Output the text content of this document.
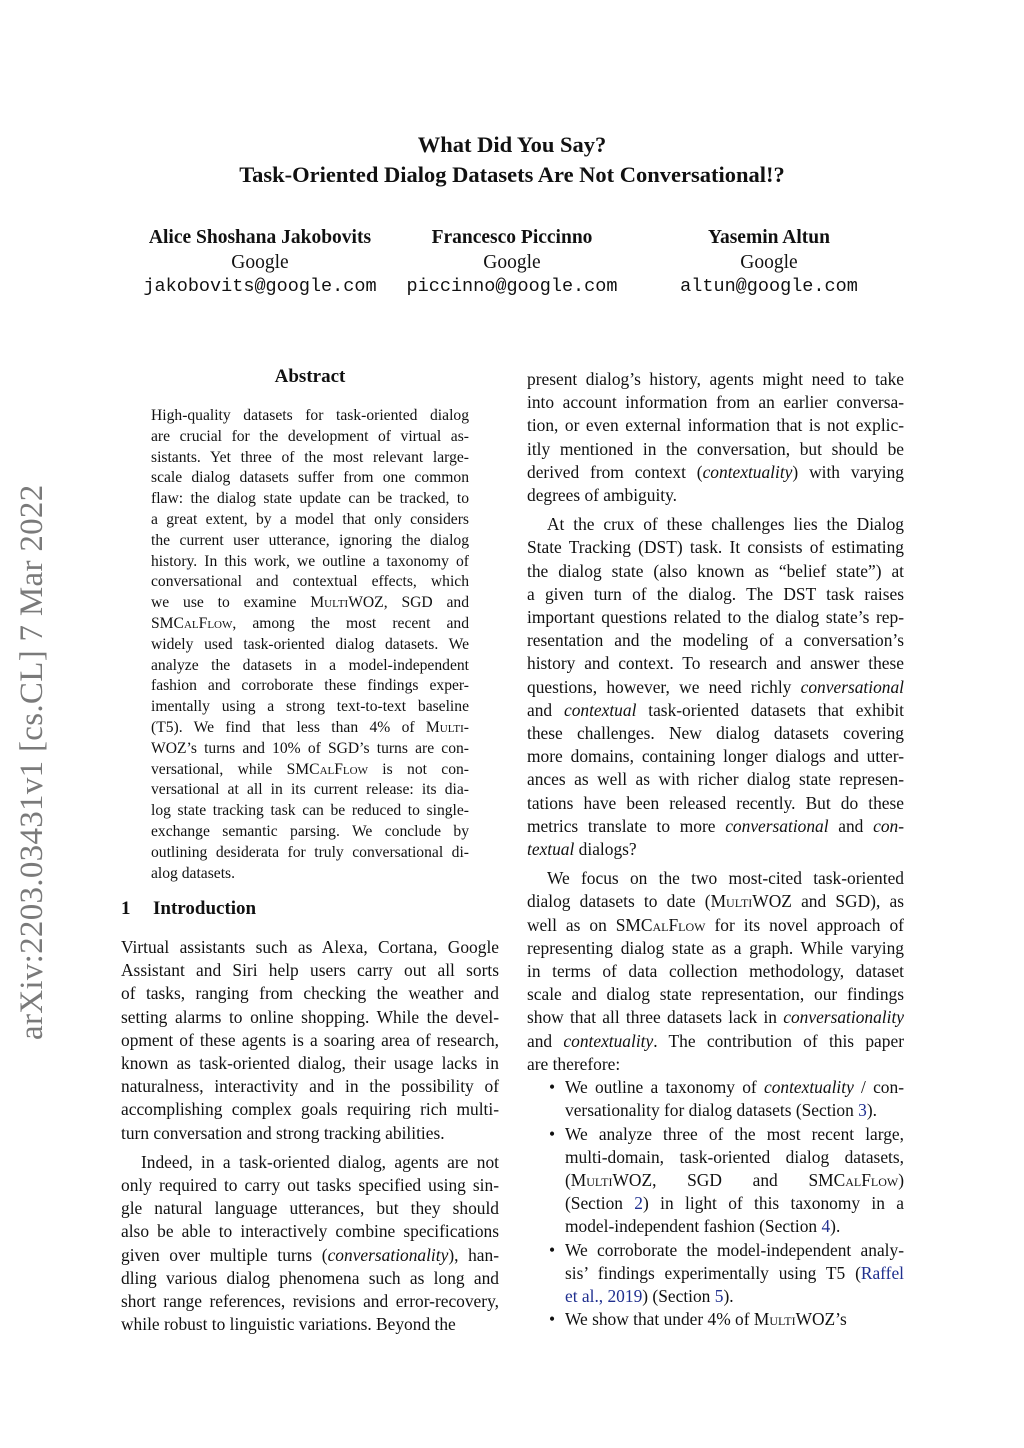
What Did You Say?
Task-Oriented Dialog Datasets Are Not Conversational!?
Alice Shoshana Jakobovits
Google
jakobovits@google.com
Francesco Piccinno
Google
piccinno@google.com
Yasemin Altun
Google
altun@google.com
arXiv:2203.03431v1 [cs.CL] 7 Mar 2022
Abstract
High-quality datasets for task-oriented dialog
are crucial for the development of virtual as-
sistants. Yet three of the most relevant large-
scale dialog datasets suffer from one common
flaw: the dialog state update can be tracked, to
a great extent, by a model that only considers
the current user utterance, ignoring the dialog
history. In this work, we outline a taxonomy of
conversational and contextual effects, which
we use to examine MultiWOZ, SGD and
SMCalFlow, among the most recent and
widely used task-oriented dialog datasets. We
analyze the datasets in a model-independent
fashion and corroborate these findings exper-
imentally using a strong text-to-text baseline
(T5). We find that less than 4% of Multi-
WOZ’s turns and 10% of SGD’s turns are con-
versational, while SMCalFlow is not con-
versational at all in its current release: its dia-
log state tracking task can be reduced to single-
exchange semantic parsing. We conclude by
outlining desiderata for truly conversational di-
alog datasets.
1 Introduction
Virtual assistants such as Alexa, Cortana, Google
Assistant and Siri help users carry out all sorts
of tasks, ranging from checking the weather and
setting alarms to online shopping. While the devel-
opment of these agents is a soaring area of research,
known as task-oriented dialog, their usage lacks in
naturalness, interactivity and in the possibility of
accomplishing complex goals requiring rich multi-
turn conversation and strong tracking abilities.
Indeed, in a task-oriented dialog, agents are not
only required to carry out tasks specified using sin-
gle natural language utterances, but they should
also be able to interactively combine specifications
given over multiple turns (conversationality), han-
dling various dialog phenomena such as long and
short range references, revisions and error-recovery,
while robust to linguistic variations. Beyond the
present dialog’s history, agents might need to take
into account information from an earlier conversa-
tion, or even external information that is not explic-
itly mentioned in the conversation, but should be
derived from context (contextuality) with varying
degrees of ambiguity.
At the crux of these challenges lies the Dialog
State Tracking (DST) task. It consists of estimating
the dialog state (also known as “belief state”) at
a given turn of the dialog. The DST task raises
important questions related to the dialog state’s rep-
resentation and the modeling of a conversation’s
history and context. To research and answer these
questions, however, we need richly conversational
and contextual task-oriented datasets that exhibit
these challenges. New dialog datasets covering
more domains, containing longer dialogs and utter-
ances as well as with richer dialog state represen-
tations have been released recently. But do these
metrics translate to more conversational and con-
textual dialogs?
We focus on the two most-cited task-oriented
dialog datasets to date (MultiWOZ and SGD), as
well as on SMCalFlow for its novel approach of
representing dialog state as a graph. While varying
in terms of data collection methodology, dataset
scale and dialog state representation, our findings
show that all three datasets lack in conversationality
and contextuality. The contribution of this paper
are therefore:
• We outline a taxonomy of contextuality / con-
versationality for dialog datasets (Section 3).
• We analyze three of the most recent large,
multi-domain, task-oriented dialog datasets,
(MultiWOZ, SGD and SMCalFlow)
(Section 2) in light of this taxonomy in a
model-independent fashion (Section 4).
• We corroborate the model-independent analy-
sis’ findings experimentally using T5 (Raffel
et al., 2019) (Section 5).
• We show that under 4% of MultiWOZ’s
